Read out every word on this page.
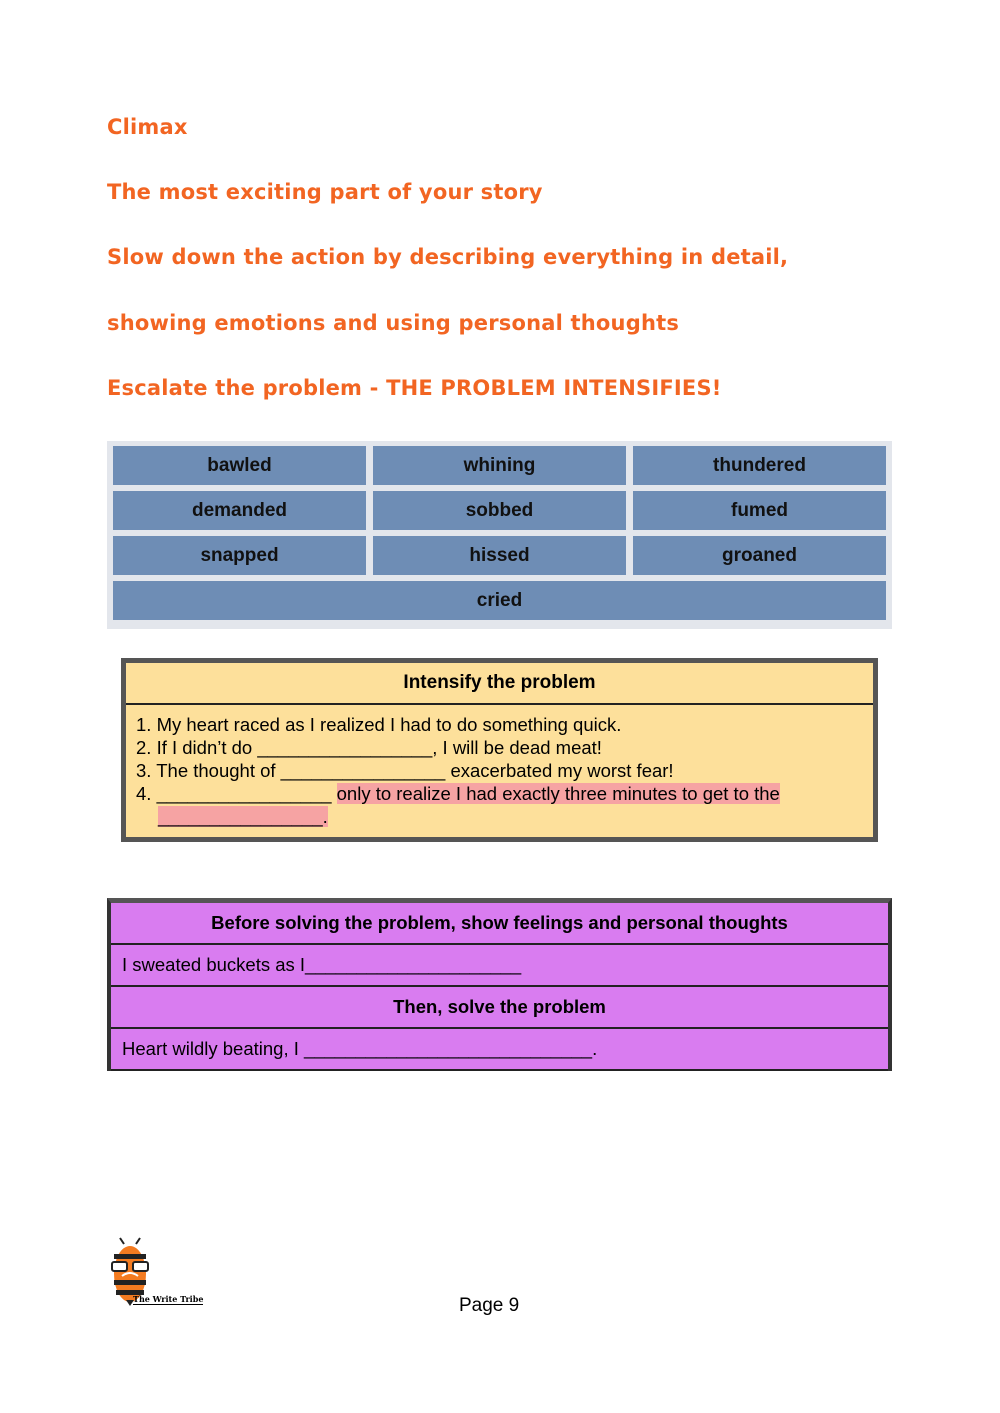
Climax

The most exciting part of your story

Slow down the action by describing everything in detail,

showing emotions and using personal thoughts

Escalate the problem - THE PROBLEM INTENSIFIES!

bawled	whining	thundered
demanded	sobbed	fumed
snapped	hissed	groaned
cried
Intensify the problem
1. My heart raced as I realized I had to do something quick.
2. If I didn’t do _________________, I will be dead meat!
3. The thought of ________________ exacerbated my worst fear!
4. _________________ only to realize I had exactly three minutes to get to the
________________.
Before solving the problem, show feelings and personal thoughts
I sweated buckets as I_____________________
Then, solve the problem
Heart wildly beating, I ____________________________.
The Write Tribe	Page 9
